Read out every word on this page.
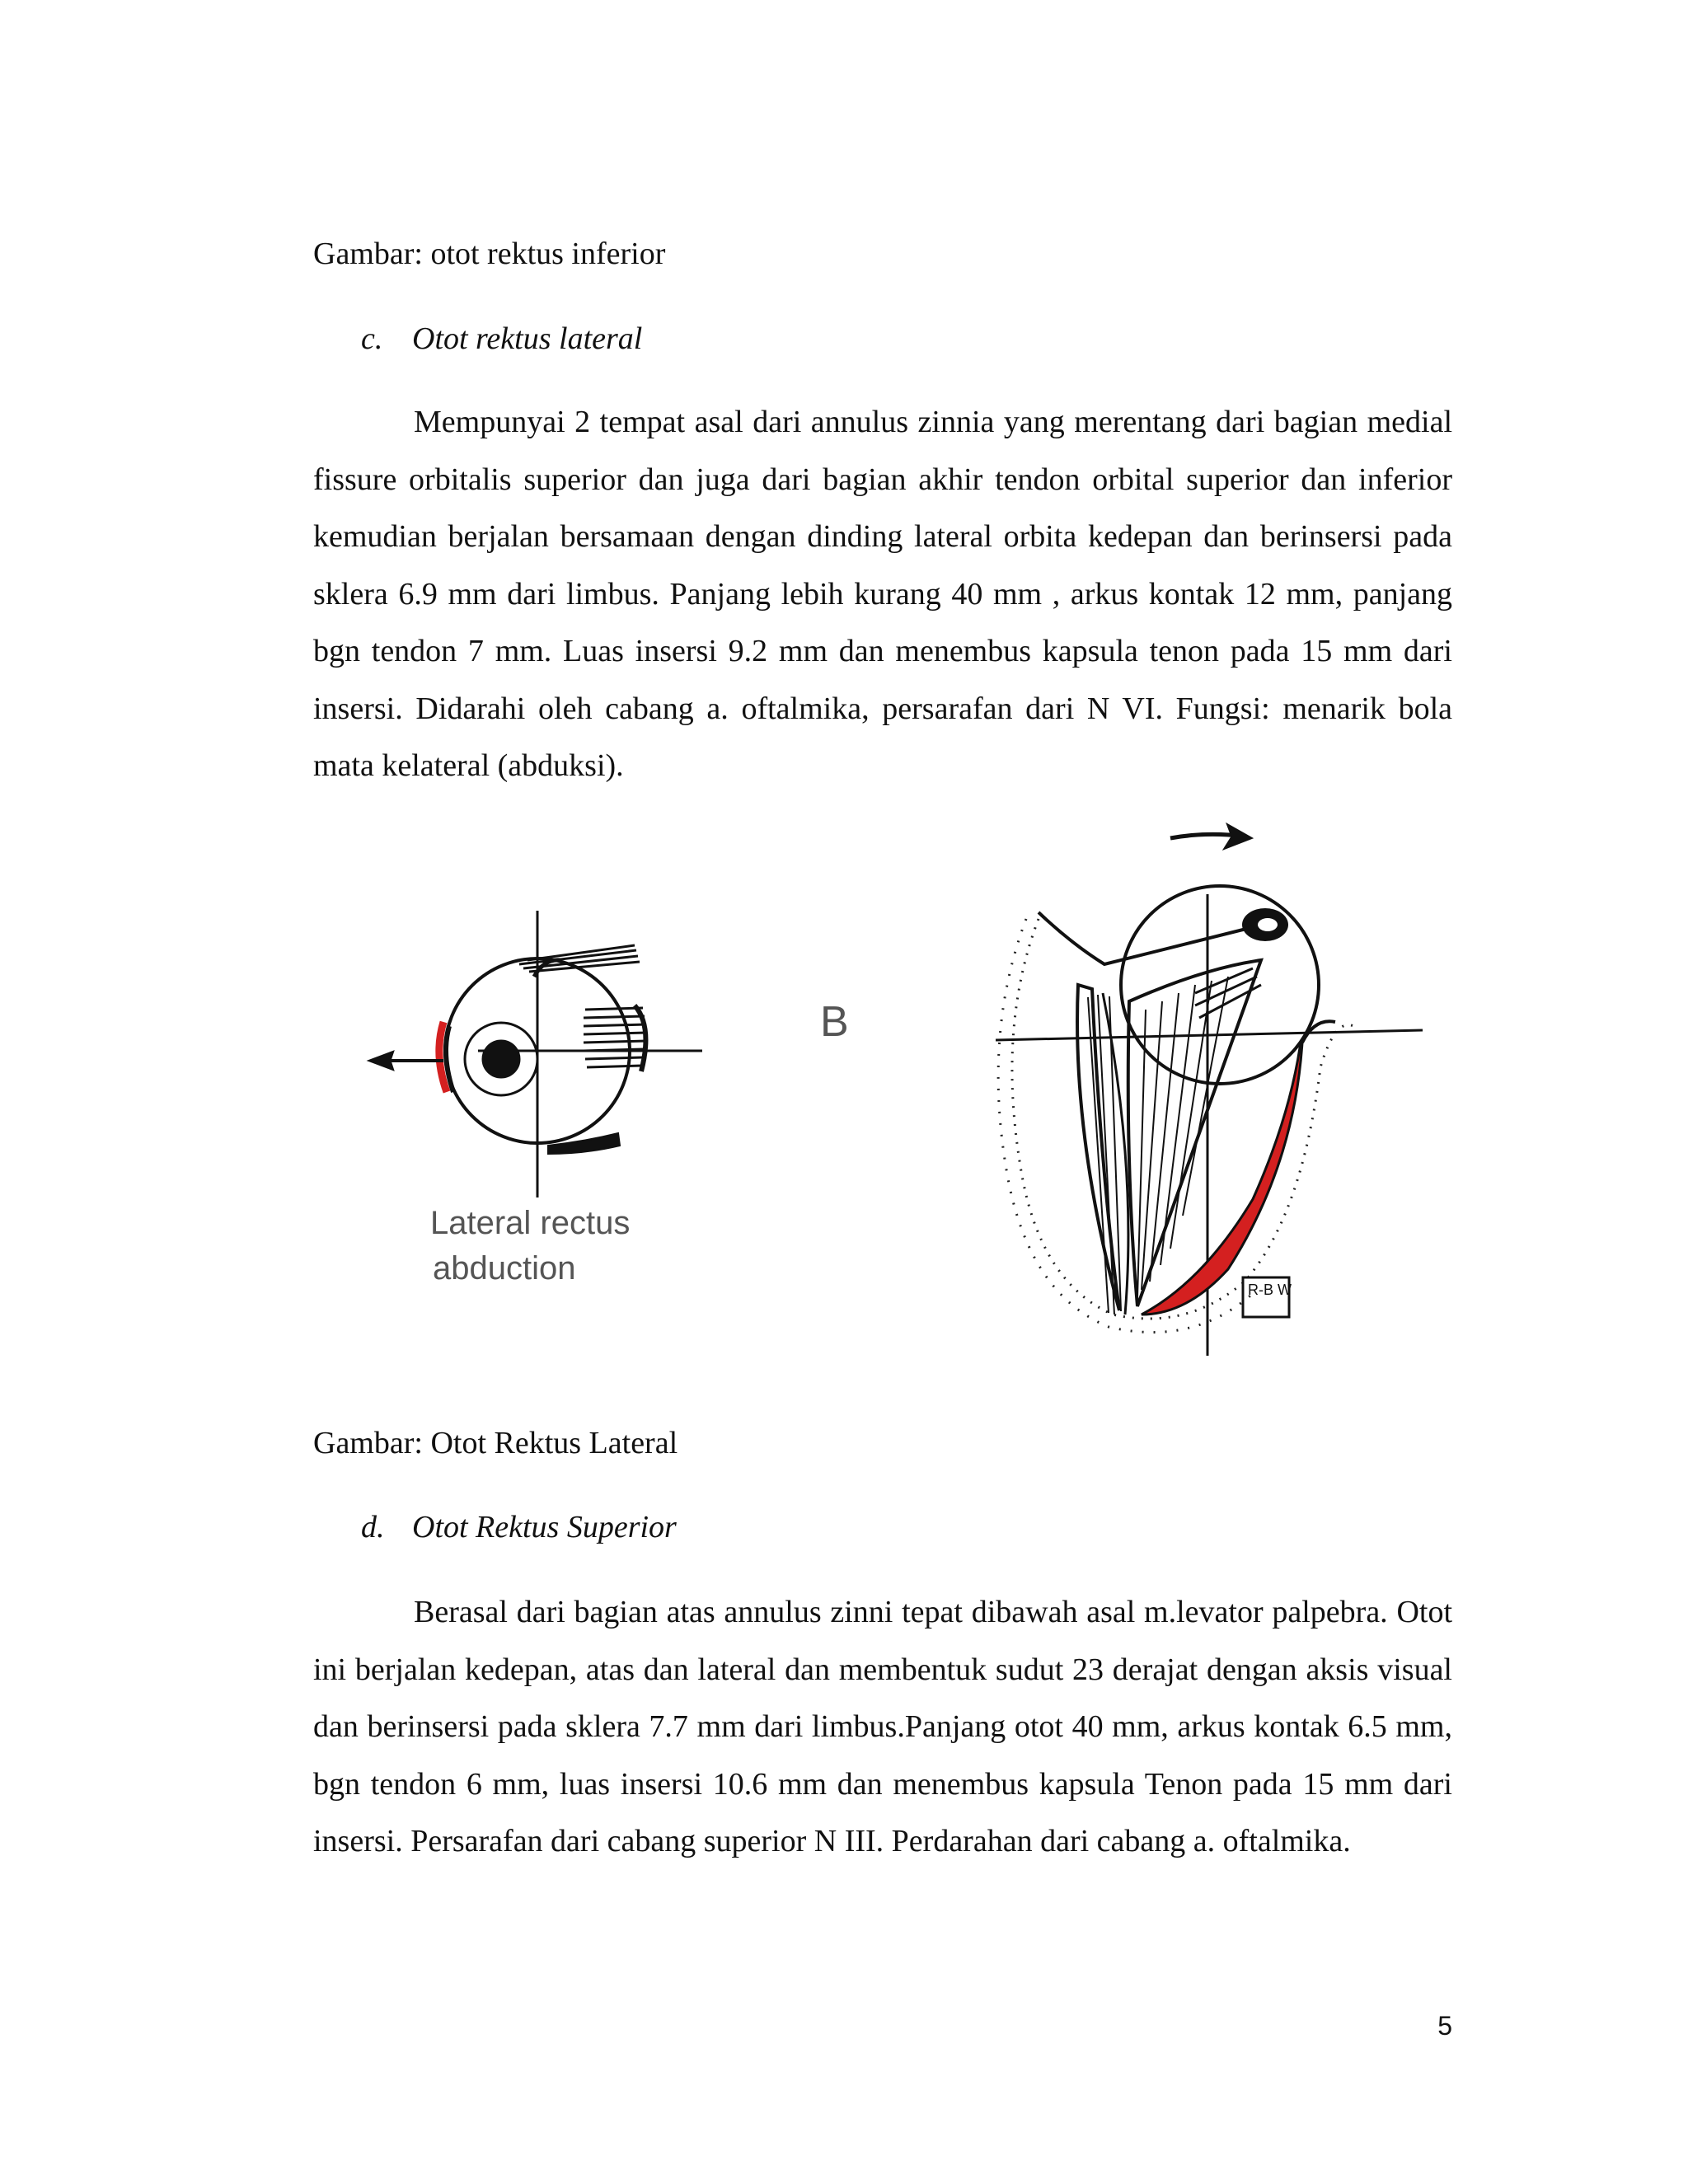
Gambar: otot rektus inferior

c. Otot rektus lateral

Mempunyai 2 tempat asal dari annulus zinnia yang merentang dari bagian medial fissure orbitalis superior dan juga dari bagian akhir tendon orbital superior dan inferior kemudian berjalan bersamaan dengan dinding lateral orbita kedepan dan berinsersi pada sklera 6.9 mm dari limbus. Panjang lebih kurang 40 mm , arkus kontak 12 mm, panjang bgn tendon 7 mm. Luas insersi 9.2 mm dan menembus kapsula tenon pada 15 mm dari insersi. Didarahi oleh cabang a. oftalmika, persarafan dari N VI. Fungsi: menarik bola mata kelateral (abduksi).

Lateral rectus
abduction
B
R-B W

Gambar: Otot Rektus Lateral

d. Otot Rektus Superior

Berasal dari bagian atas annulus zinni tepat dibawah asal m.levator palpebra. Otot ini berjalan kedepan, atas dan lateral dan membentuk sudut 23 derajat dengan aksis visual dan berinsersi pada sklera 7.7 mm dari limbus.Panjang otot 40 mm, arkus kontak 6.5 mm, bgn tendon 6 mm, luas insersi 10.6 mm dan menembus kapsula Tenon pada 15 mm dari insersi. Persarafan dari cabang superior N III. Perdarahan dari cabang a. oftalmika.

5
